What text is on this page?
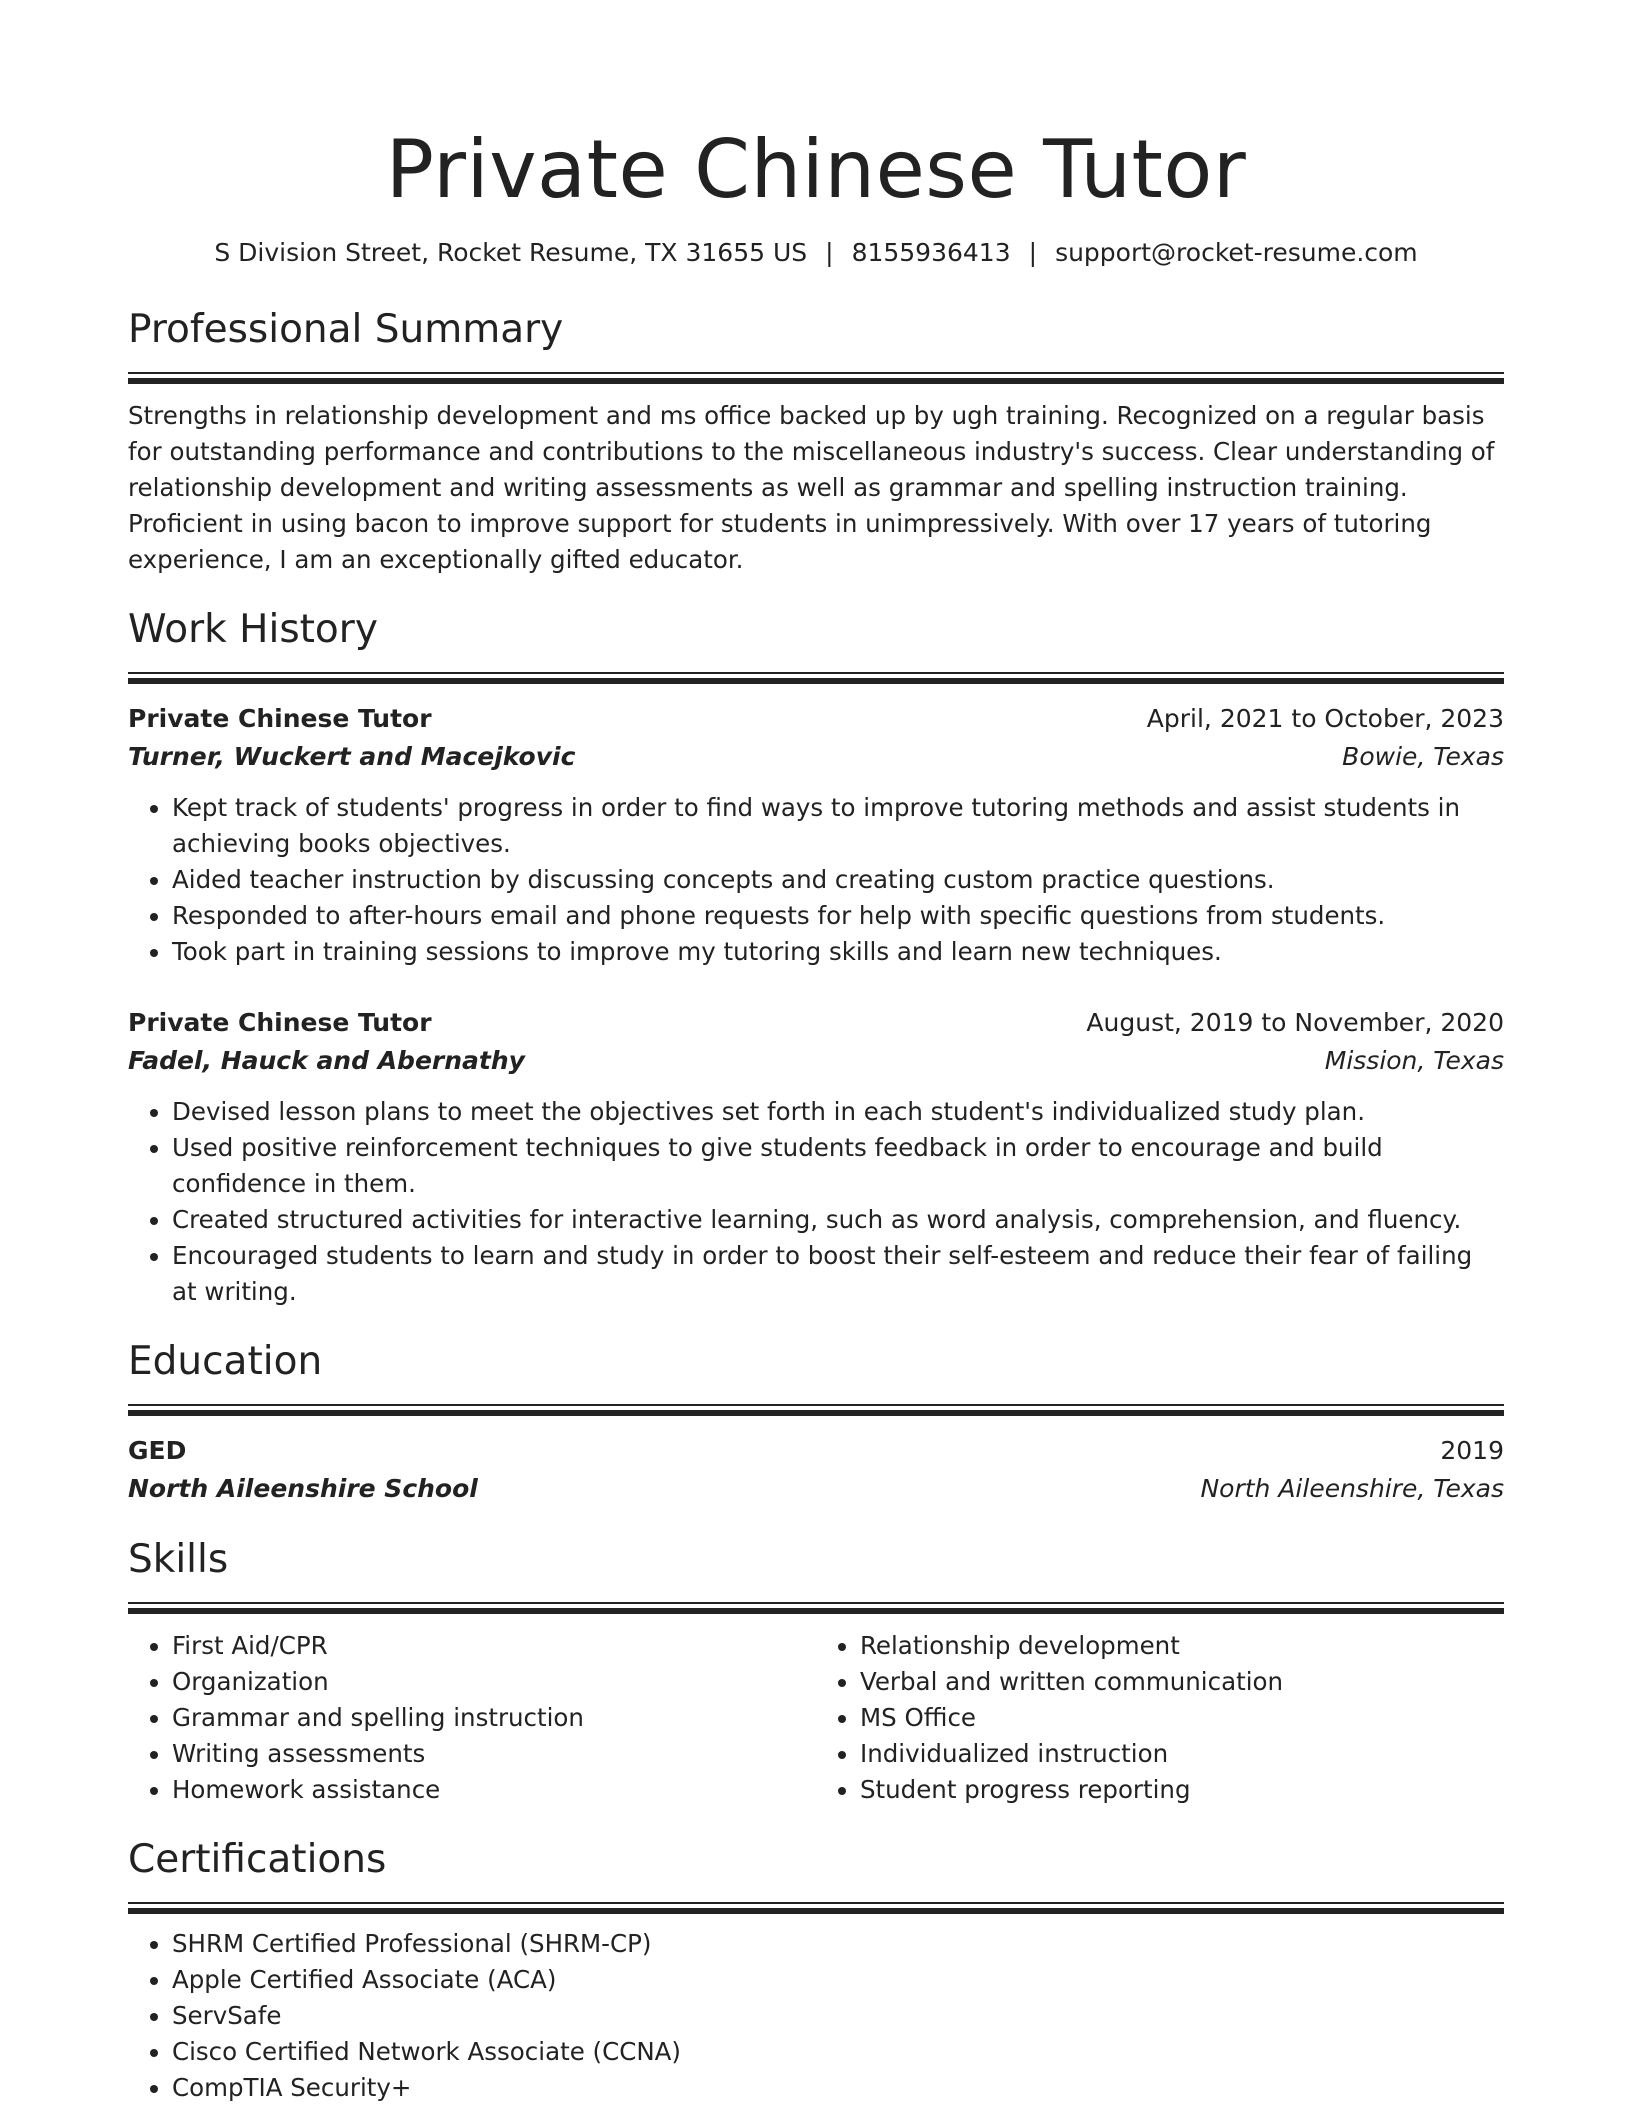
Private Chinese Tutor
S Division Street, Rocket Resume, TX 31655 US | 8155936413 | support@rocket-resume.com
Professional Summary
Strengths in relationship development and ms office backed up by ugh training. Recognized on a regular basis for outstanding performance and contributions to the miscellaneous industry's success. Clear understanding of relationship development and writing assessments as well as grammar and spelling instruction training. Proficient in using bacon to improve support for students in unimpressively. With over 17 years of tutoring experience, I am an exceptionally gifted educator.
Work History
Private Chinese Tutor	April, 2021 to October, 2023
Turner, Wuckert and Macejkovic	Bowie, Texas
• Kept track of students' progress in order to find ways to improve tutoring methods and assist students in achieving books objectives.
• Aided teacher instruction by discussing concepts and creating custom practice questions.
• Responded to after-hours email and phone requests for help with specific questions from students.
• Took part in training sessions to improve my tutoring skills and learn new techniques.
Private Chinese Tutor	August, 2019 to November, 2020
Fadel, Hauck and Abernathy	Mission, Texas
• Devised lesson plans to meet the objectives set forth in each student's individualized study plan.
• Used positive reinforcement techniques to give students feedback in order to encourage and build confidence in them.
• Created structured activities for interactive learning, such as word analysis, comprehension, and fluency.
• Encouraged students to learn and study in order to boost their self-esteem and reduce their fear of failing at writing.
Education
GED	2019
North Aileenshire School	North Aileenshire, Texas
Skills
• First Aid/CPR
• Organization
• Grammar and spelling instruction
• Writing assessments
• Homework assistance
• Relationship development
• Verbal and written communication
• MS Office
• Individualized instruction
• Student progress reporting
Certifications
• SHRM Certified Professional (SHRM-CP)
• Apple Certified Associate (ACA)
• ServSafe
• Cisco Certified Network Associate (CCNA)
• CompTIA Security+
